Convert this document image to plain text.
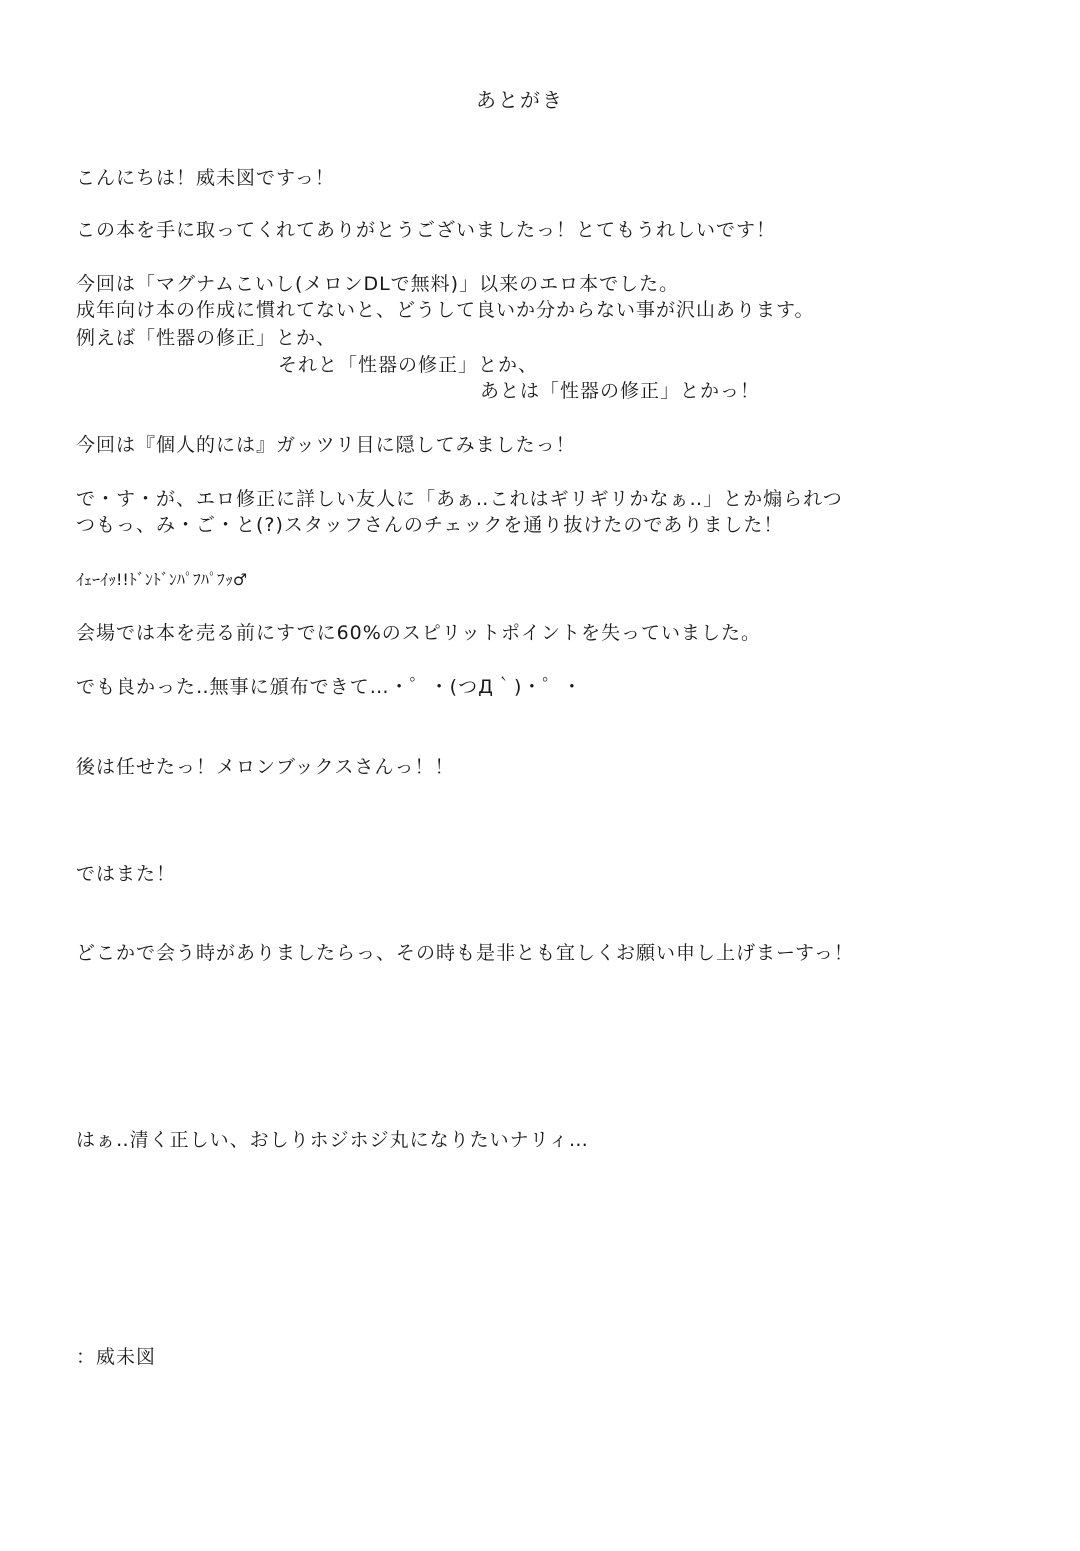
あとがき
こんにちは！威未図ですっ！
この本を手に取ってくれてありがとうございましたっ！とてもうれしいです！
今回は「マグナムこいし(メロンDLで無料)」以来のエロ本でした。
成年向け本の作成に慣れてないと、どうして良いか分からない事が沢山あります。
例えば「性器の修正」とか、
それと「性器の修正」とか、
あとは「性器の修正」とかっ！
今回は『個人的には』ガッツリ目に隠してみましたっ！
で・す・が、エロ修正に詳しい友人に「あぁ‥これはギリギリかなぁ‥」とか煽られつ
つもっ、み・ご・と(?)スタッフさんのチェックを通り抜けたのでありました！
ｲｪｰｲｯ!!ﾄﾞﾝﾄﾞﾝﾊﾟﾌﾊﾟﾌｯ♂
会場では本を売る前にすでに60%のスピリットポイントを失っていました。
でも良かった‥無事に頒布できて…・゜・(つД｀)・゜・
後は任せたっ！メロンブックスさんっ！！
ではまた！
どこかで会う時がありましたらっ、その時も是非とも宜しくお願い申し上げまーすっ！
はぁ‥清く正しい、おしりホジホジ丸になりたいナリィ…
：威未図
